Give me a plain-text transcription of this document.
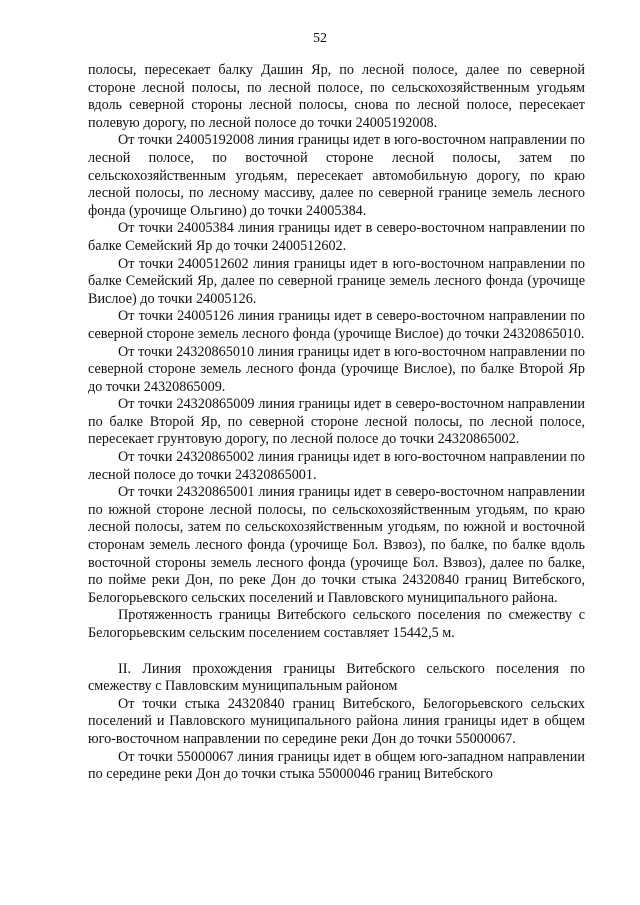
52

полосы, пересекает балку Дашин Яр, по лесной полосе, далее по северной стороне лесной полосы, по лесной полосе, по сельскохозяйственным угодьям вдоль северной стороны лесной полосы, снова по лесной полосе, пересекает полевую дорогу, по лесной полосе до точки 24005192008.

От точки 24005192008 линия границы идет в юго-восточном направлении по лесной полосе, по восточной стороне лесной полосы, затем по сельскохозяйственным угодьям, пересекает автомобильную дорогу, по краю лесной полосы, по лесному массиву, далее по северной границе земель лесного фонда (урочище Ольгино) до точки 24005384.

От точки 24005384 линия границы идет в северо-восточном направлении по балке Семейский Яр до точки 2400512602.

От точки 2400512602 линия границы идет в юго-восточном направлении по балке Семейский Яр, далее по северной границе земель лесного фонда (урочище Вислое) до точки 24005126.

От точки 24005126 линия границы идет в северо-восточном направлении по северной стороне земель лесного фонда (урочище Вислое) до точки 24320865010.

От точки 24320865010 линия границы идет в юго-восточном направлении по северной стороне земель лесного фонда (урочище Вислое), по балке Второй Яр до точки 24320865009.

От точки 24320865009 линия границы идет в северо-восточном направлении по балке Второй Яр, по северной стороне лесной полосы, по лесной полосе, пересекает грунтовую дорогу, по лесной полосе до точки 24320865002.

От точки 24320865002 линия границы идет в юго-восточном направлении по лесной полосе до точки 24320865001.

От точки 24320865001 линия границы идет в северо-восточном направлении по южной стороне лесной полосы, по сельскохозяйственным угодьям, по краю лесной полосы, затем по сельскохозяйственным угодьям, по южной и восточной сторонам земель лесного фонда (урочище Бол. Взвоз), по балке, по балке вдоль восточной стороны земель лесного фонда (урочище Бол. Взвоз), далее по балке, по пойме реки Дон, по реке Дон до точки стыка 24320840 границ Витебского, Белогорьевского сельских поселений и Павловского муниципального района.

Протяженность границы Витебского сельского поселения по смежеству с Белогорьевским сельским поселением составляет 15442,5 м.

II. Линия прохождения границы Витебского сельского поселения по смежеству с Павловским муниципальным районом

От точки стыка 24320840 границ Витебского, Белогорьевского сельских поселений и Павловского муниципального района линия границы идет в общем юго-восточном направлении по середине реки Дон до точки 55000067.

От точки 55000067 линия границы идет в общем юго-западном направлении по середине реки Дон до точки стыка 55000046 границ Витебского
